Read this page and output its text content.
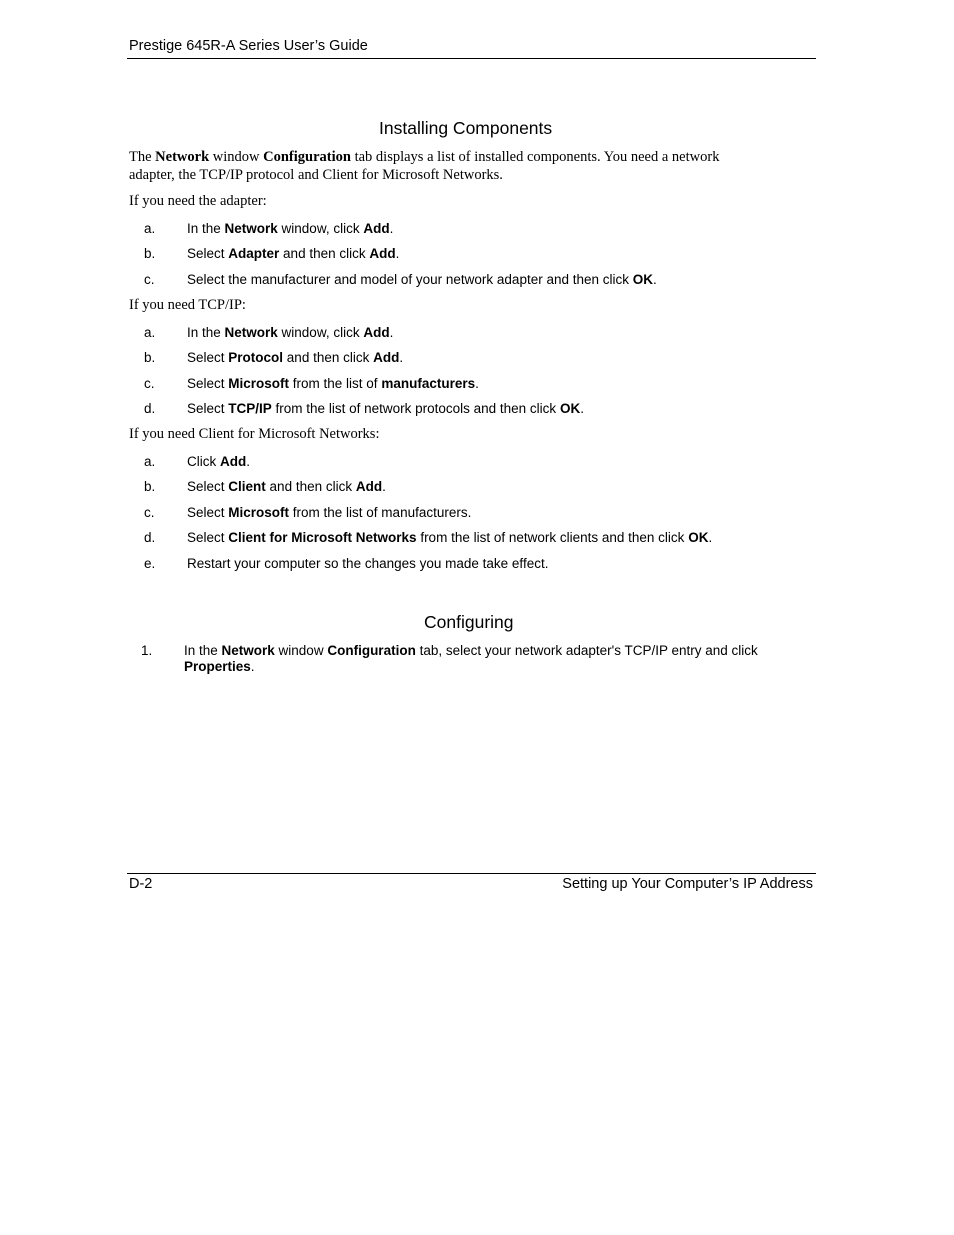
Prestige 645R-A Series User’s Guide
Installing Components
The Network window Configuration tab displays a list of installed components. You need a network
adapter, the TCP/IP protocol and Client for Microsoft Networks.
If you need the adapter:
a. In the Network window, click Add.
b. Select Adapter and then click Add.
c. Select the manufacturer and model of your network adapter and then click OK.
If you need TCP/IP:
a. In the Network window, click Add.
b. Select Protocol and then click Add.
c. Select Microsoft from the list of manufacturers.
d. Select TCP/IP from the list of network protocols and then click OK.
If you need Client for Microsoft Networks:
a. Click Add.
b. Select Client and then click Add.
c. Select Microsoft from the list of manufacturers.
d. Select Client for Microsoft Networks from the list of network clients and then click OK.
e. Restart your computer so the changes you made take effect.
Configuring
1. In the Network window Configuration tab, select your network adapter's TCP/IP entry and click
Properties.
D-2	Setting up Your Computer’s IP Address
